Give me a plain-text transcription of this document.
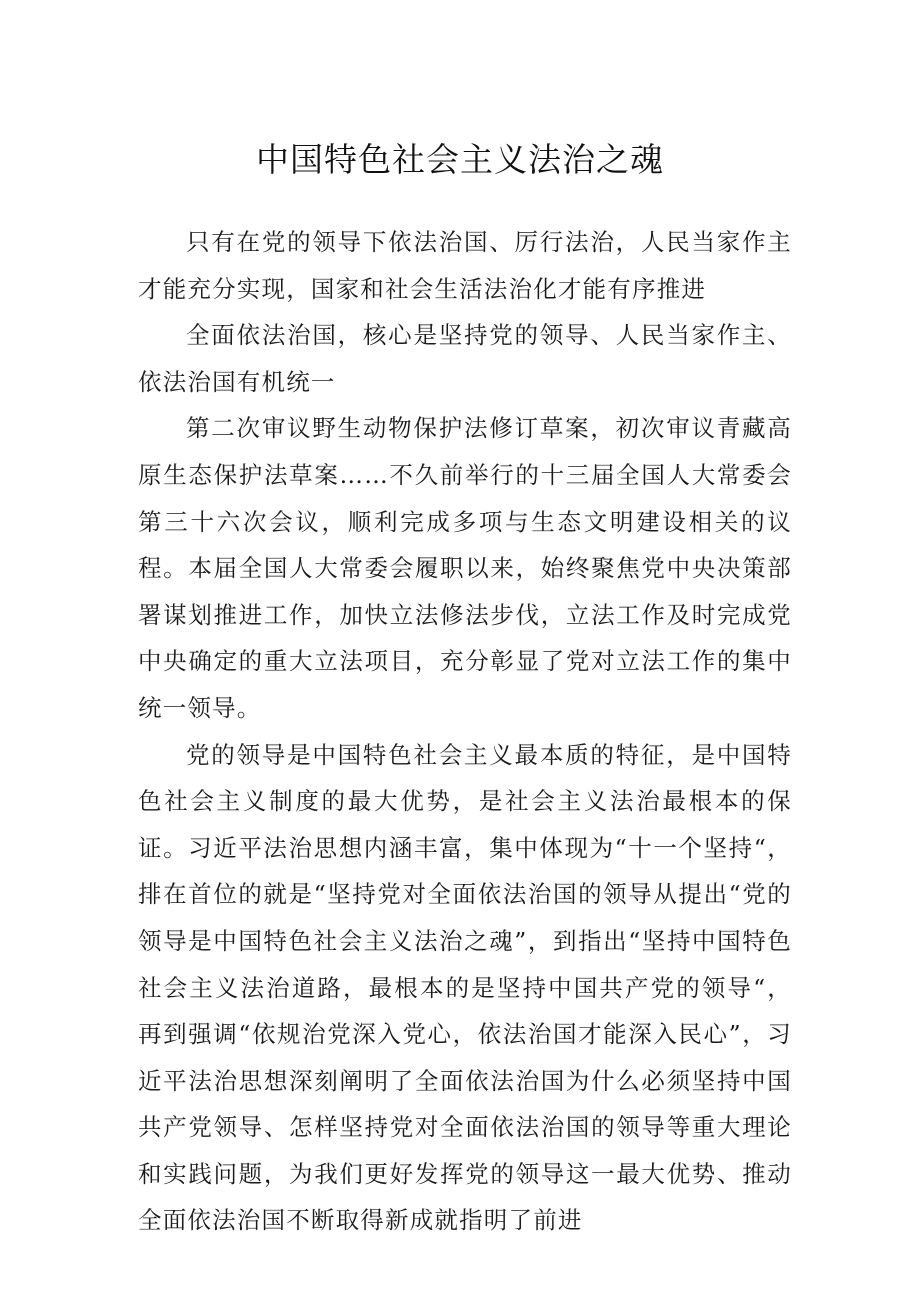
中国特色社会主义法治之魂

只有在党的领导下依法治国、厉行法治，人民当家作主才能充分实现，国家和社会生活法治化才能有序推进

全面依法治国，核心是坚持党的领导、人民当家作主、依法治国有机统一

第二次审议野生动物保护法修订草案，初次审议青藏高原生态保护法草案……不久前举行的十三届全国人大常委会第三十六次会议，顺利完成多项与生态文明建设相关的议程。本届全国人大常委会履职以来，始终聚焦党中央决策部署谋划推进工作，加快立法修法步伐，立法工作及时完成党中央确定的重大立法项目，充分彰显了党对立法工作的集中统一领导。

党的领导是中国特色社会主义最本质的特征，是中国特色社会主义制度的最大优势，是社会主义法治最根本的保证。习近平法治思想内涵丰富，集中体现为“十一个坚持“，排在首位的就是“坚持党对全面依法治国的领导从提出“党的领导是中国特色社会主义法治之魂”，到指出“坚持中国特色社会主义法治道路，最根本的是坚持中国共产党的领导“，再到强调“依规治党深入党心，依法治国才能深入民心”，习近平法治思想深刻阐明了全面依法治国为什么必须坚持中国共产党领导、怎样坚持党对全面依法治国的领导等重大理论和实践问题，为我们更好发挥党的领导这一最大优势、推动全面依法治国不断取得新成就指明了前进
